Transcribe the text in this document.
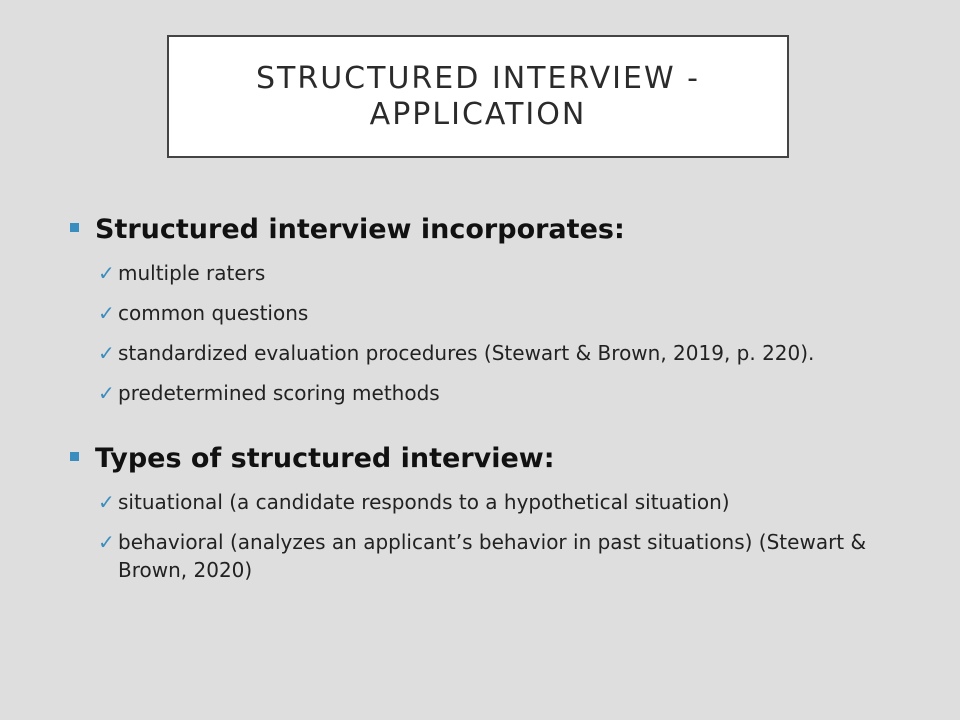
STRUCTURED INTERVIEW -
APPLICATION
Structured interview incorporates:
✓ multiple raters
✓ common questions
✓ standardized evaluation procedures (Stewart & Brown, 2019, p. 220).
✓ predetermined scoring methods
Types of structured interview:
✓ situational (a candidate responds to a hypothetical situation)
✓ behavioral (analyzes an applicant’s behavior in past situations) (Stewart & Brown, 2020)
